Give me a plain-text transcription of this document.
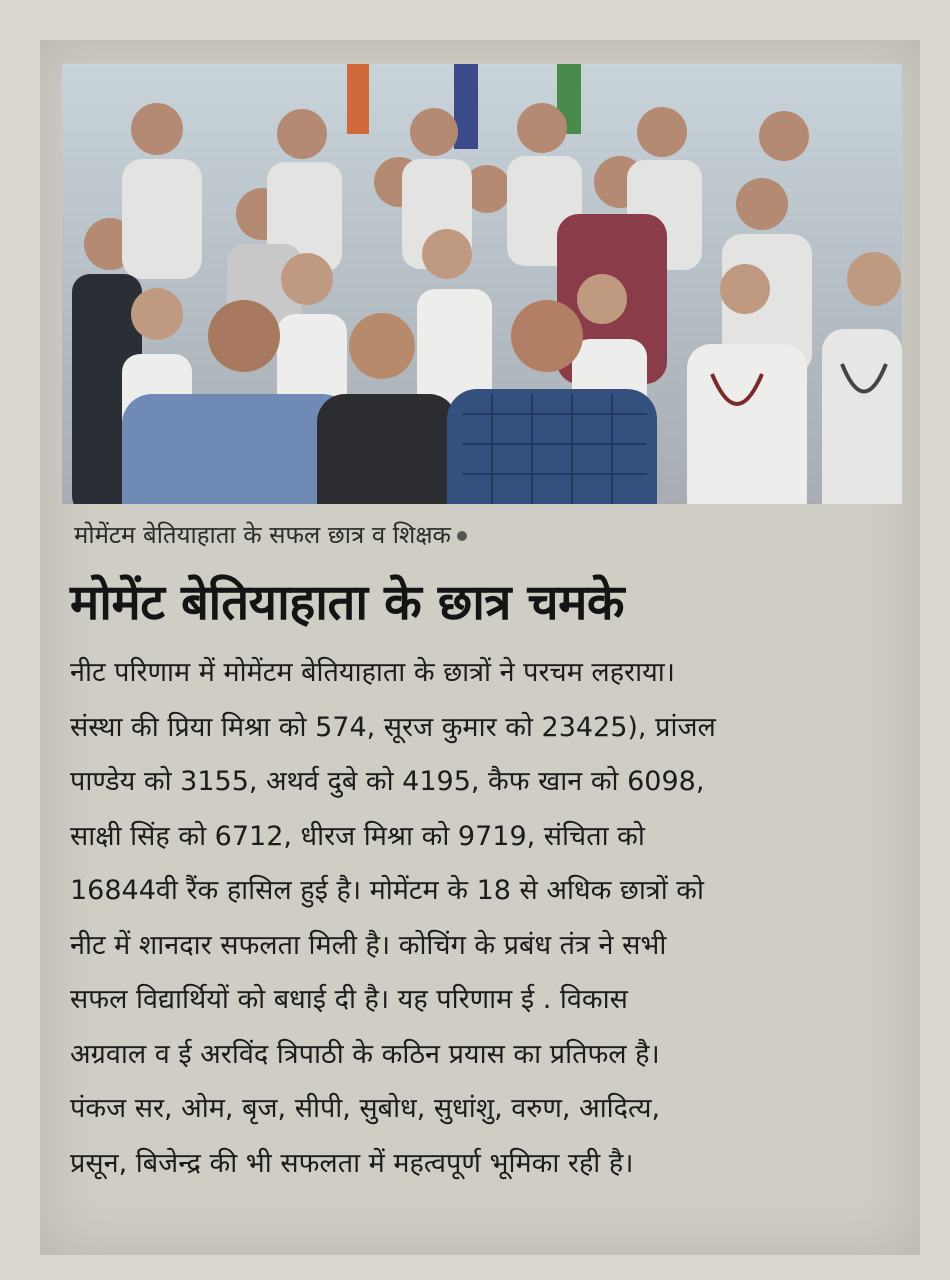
मोमेंटम बेतियाहाता के सफल छात्र व शिक्षक
मोमेंट बेतियाहाता के छात्र चमके
नीट परिणाम में मोमेंटम बेतियाहाता के छात्रों ने परचम लहराया।
संस्था की प्रिया मिश्रा को 574, सूरज कुमार को 23425), प्रांजल
पाण्डेय को 3155, अथर्व दुबे को 4195, कैफ खान को 6098,
साक्षी सिंह को 6712, धीरज मिश्रा को 9719, संचिता को
16844वी रैंक हासिल हुई है। मोमेंटम के 18 से अधिक छात्रों को
नीट में शानदार सफलता मिली है। कोचिंग के प्रबंध तंत्र ने सभी
सफल विद्यार्थियों को बधाई दी है। यह परिणाम ई . विकास
अग्रवाल व ई अरविंद त्रिपाठी के कठिन प्रयास का प्रतिफल है।
पंकज सर, ओम, बृज, सीपी, सुबोध, सुधांशु, वरुण, आदित्य,
प्रसून, बिजेन्द्र की भी सफलता में महत्वपूर्ण भूमिका रही है।
